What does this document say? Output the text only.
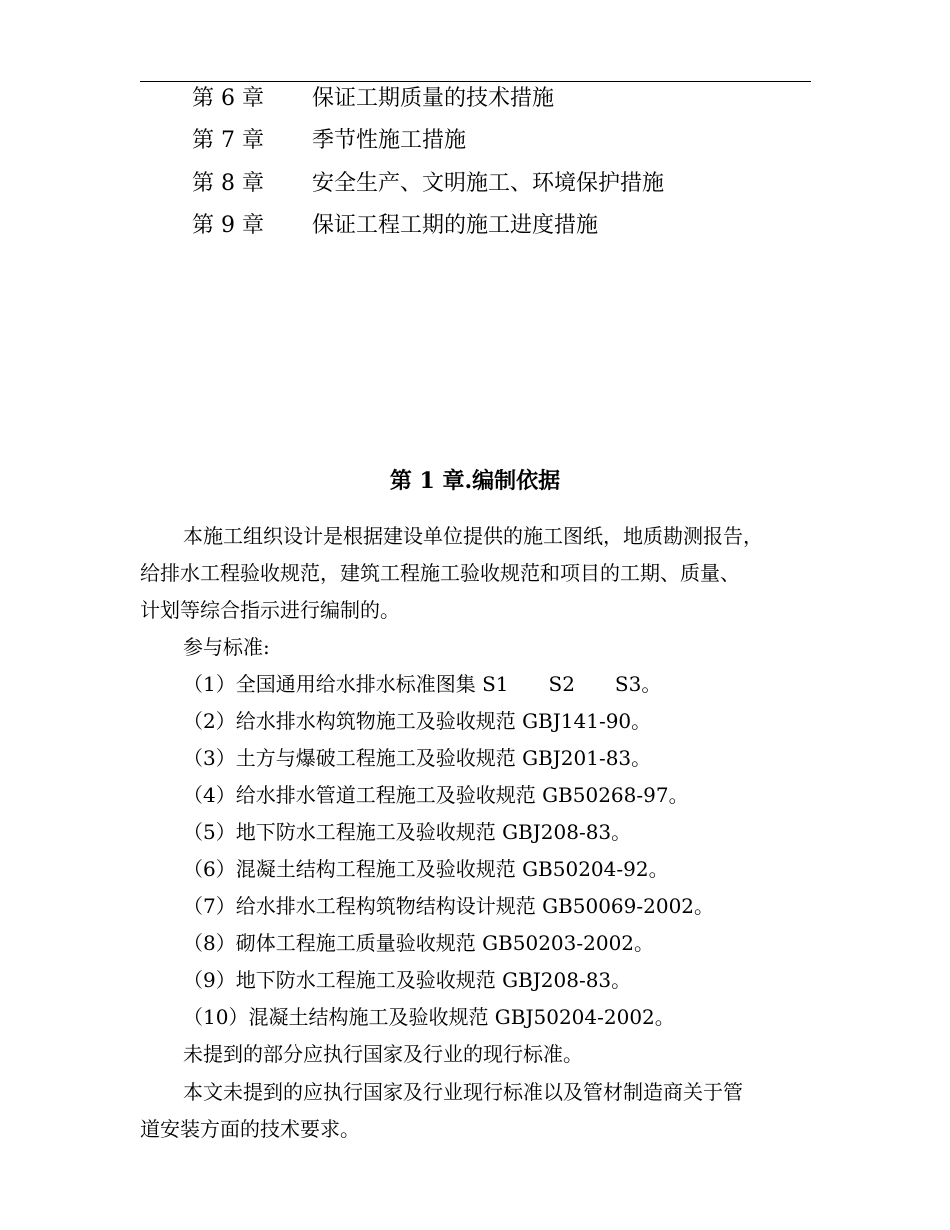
第 6 章 保证工期质量的技术措施
第 7 章 季节性施工措施
第 8 章 安全生产、文明施工、环境保护措施
第 9 章 保证工程工期的施工进度措施
第 1 章.编制依据
本施工组织设计是根据建设单位提供的施工图纸，地质勘测报告，
给排水工程验收规范，建筑工程施工验收规范和项目的工期、质量、
计划等综合指示进行编制的。
参与标准:
（1）全国通用给水排水标准图集 S1　　S2　　S3。
（2）给水排水构筑物施工及验收规范 GBJ141-90。
（3）土方与爆破工程施工及验收规范 GBJ201-83。
（4）给水排水管道工程施工及验收规范 GB50268-97。
（5）地下防水工程施工及验收规范 GBJ208-83。
（6）混凝土结构工程施工及验收规范 GB50204-92。
（7）给水排水工程构筑物结构设计规范 GB50069-2002。
（8）砌体工程施工质量验收规范 GB50203-2002。
（9）地下防水工程施工及验收规范 GBJ208-83。
（10）混凝土结构施工及验收规范 GBJ50204-2002。
未提到的部分应执行国家及行业的现行标准。
本文未提到的应执行国家及行业现行标准以及管材制造商关于管
道安装方面的技术要求。
